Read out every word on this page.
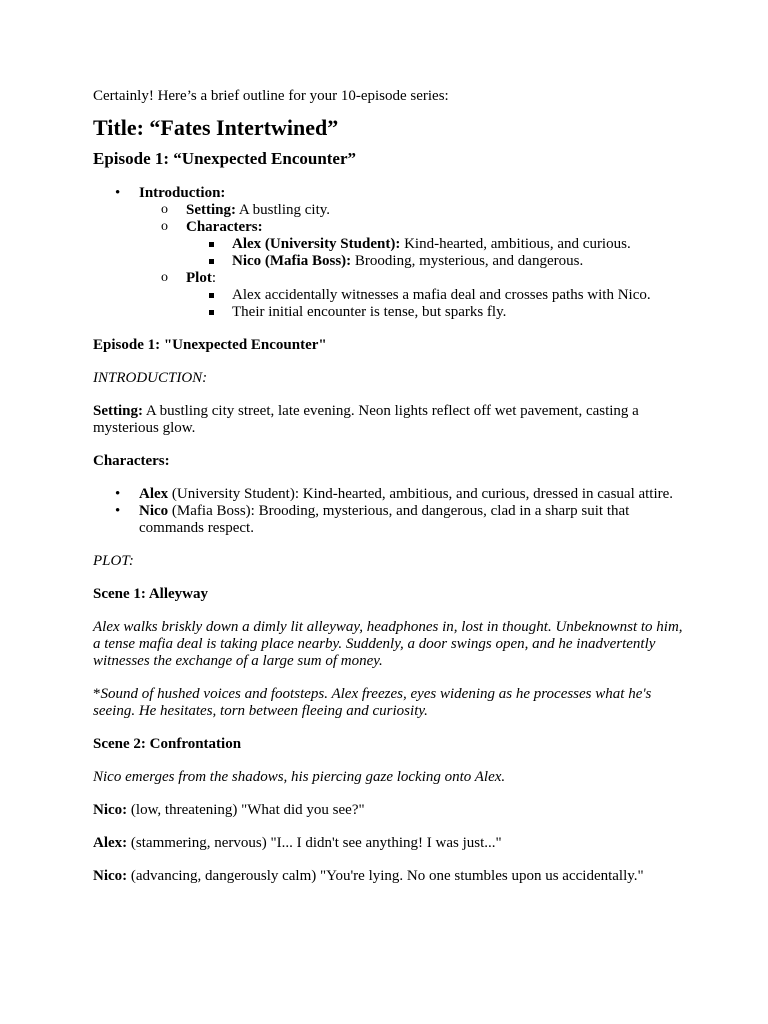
Certainly! Here’s a brief outline for your 10-episode series:

Title: “Fates Intertwined”
Episode 1: “Unexpected Encounter”
• Introduction:
o Setting: A bustling city.
o Characters:
Alex (University Student): Kind-hearted, ambitious, and curious.
Nico (Mafia Boss): Brooding, mysterious, and dangerous.
o Plot:
Alex accidentally witnesses a mafia deal and crosses paths with Nico.
Their initial encounter is tense, but sparks fly.

Episode 1: "Unexpected Encounter"

INTRODUCTION:

Setting: A bustling city street, late evening. Neon lights reflect off wet pavement, casting a mysterious glow.

Characters:

• Alex (University Student): Kind-hearted, ambitious, and curious, dressed in casual attire.
• Nico (Mafia Boss): Brooding, mysterious, and dangerous, clad in a sharp suit that commands respect.

PLOT:

Scene 1: Alleyway

Alex walks briskly down a dimly lit alleyway, headphones in, lost in thought. Unbeknownst to him, a tense mafia deal is taking place nearby. Suddenly, a door swings open, and he inadvertently witnesses the exchange of a large sum of money.

*Sound of hushed voices and footsteps. Alex freezes, eyes widening as he processes what he's seeing. He hesitates, torn between fleeing and curiosity.

Scene 2: Confrontation

Nico emerges from the shadows, his piercing gaze locking onto Alex.

Nico: (low, threatening) "What did you see?"

Alex: (stammering, nervous) "I... I didn't see anything! I was just..."

Nico: (advancing, dangerously calm) "You're lying. No one stumbles upon us accidentally."
